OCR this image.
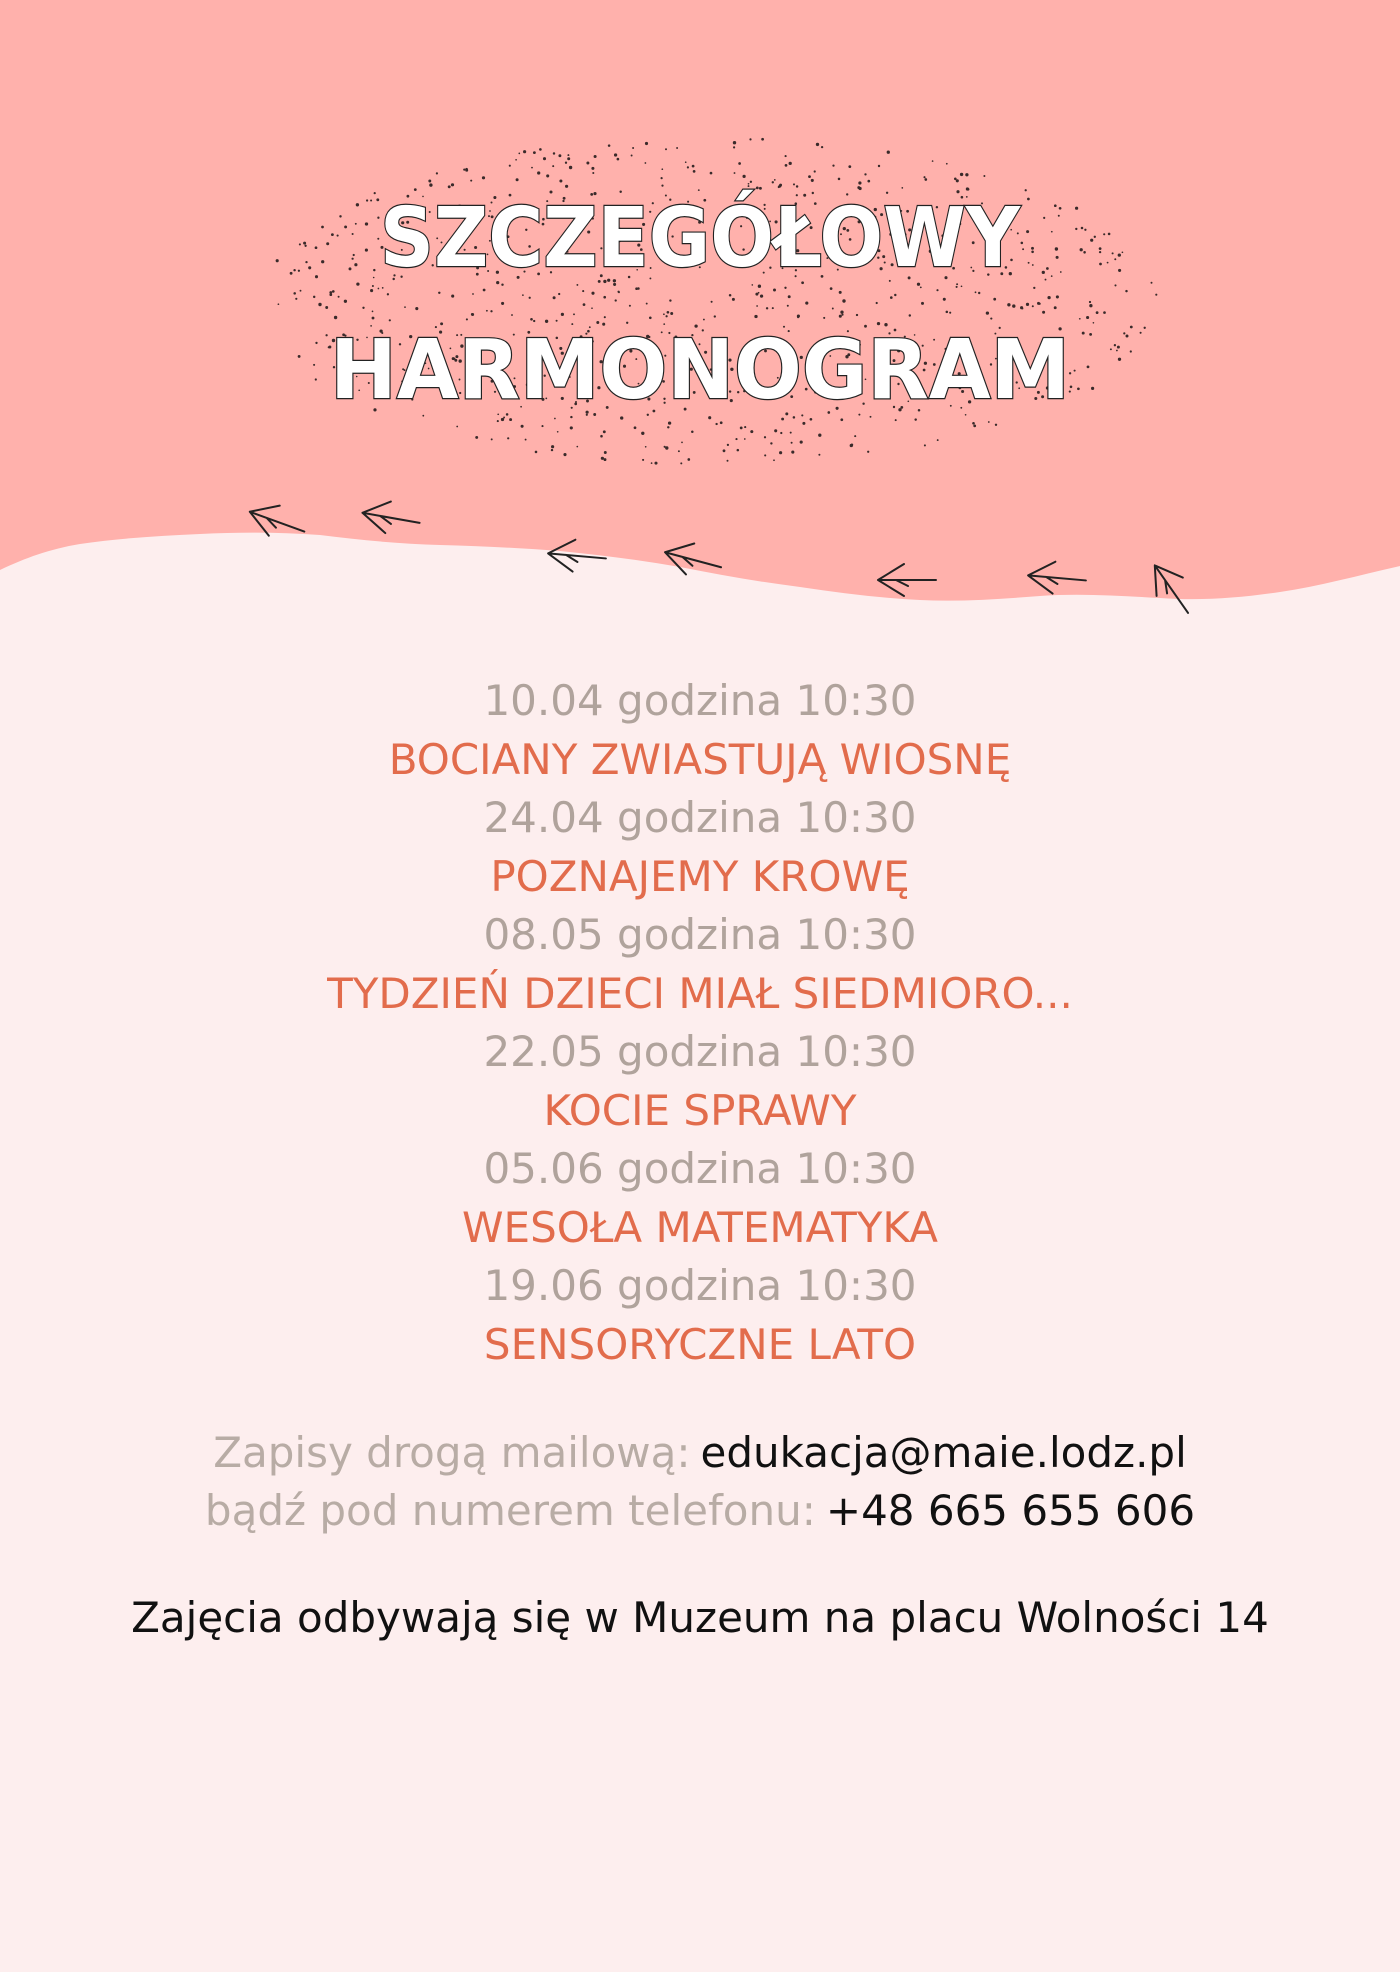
SZCZEGÓŁOWY
HARMONOGRAM
10.04 godzina 10:30
BOCIANY ZWIASTUJĄ WIOSNĘ
24.04 godzina 10:30
POZNAJEMY KROWĘ
08.05 godzina 10:30
TYDZIEŃ DZIECI MIAŁ SIEDMIORO...
22.05 godzina 10:30
KOCIE SPRAWY
05.06 godzina 10:30
WESOŁA MATEMATYKA
19.06 godzina 10:30
SENSORYCZNE LATO
Zapisy drogą mailową: edukacja@maie.lodz.pl
bądź pod numerem telefonu: +48 665 655 606
Zajęcia odbywają się w Muzeum na placu Wolności 14
